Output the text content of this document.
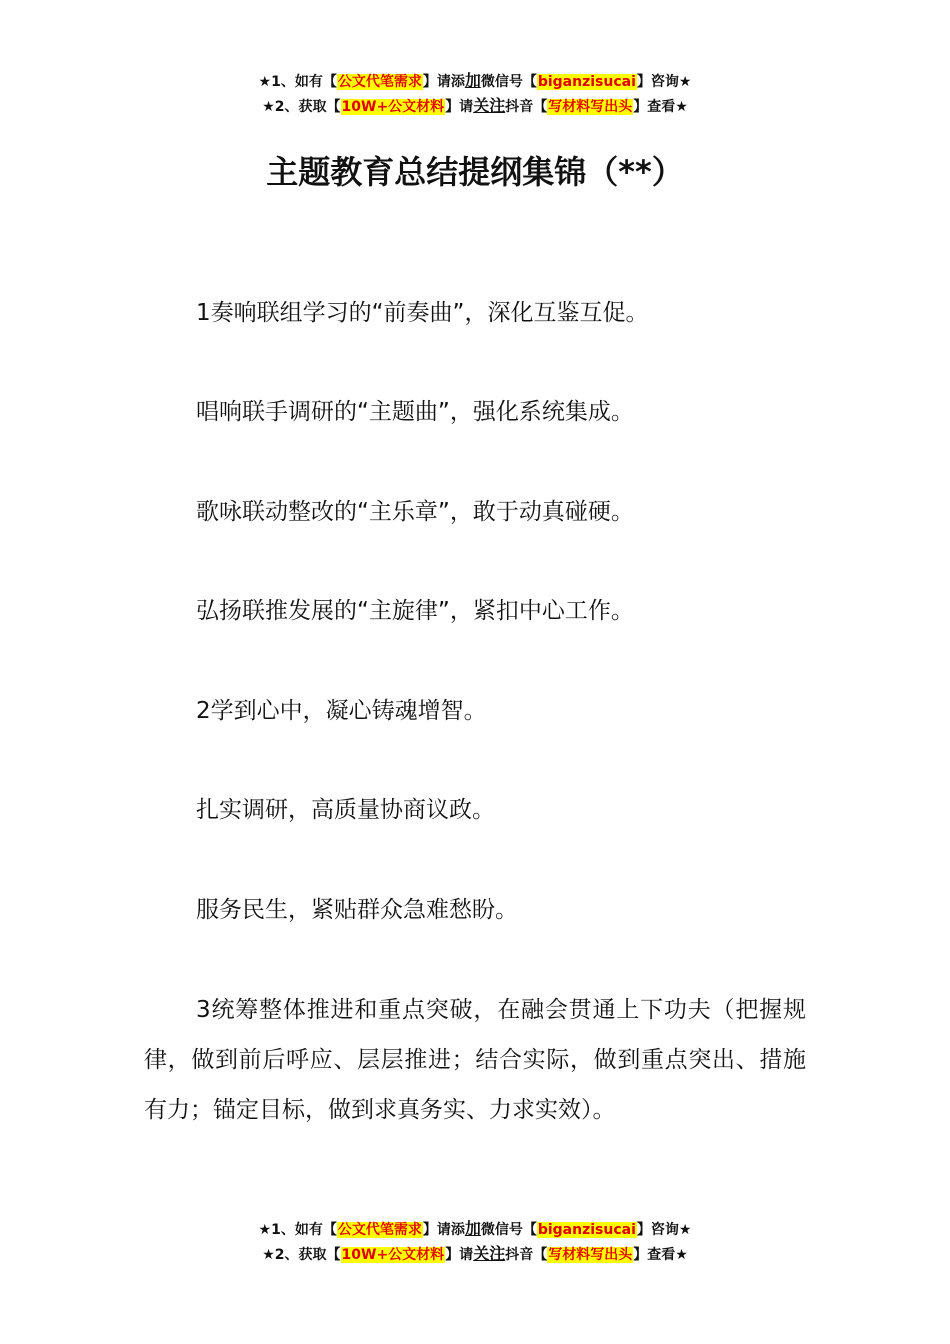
★1、如有【公文代笔需求】请添加微信号【biganzisucai】咨询★
★2、获取【10W+公文材料】请关注抖音【写材料写出头】查看★
主题教育总结提纲集锦（**）
1奏响联组学习的“前奏曲”，深化互鉴互促。
唱响联手调研的“主题曲”，强化系统集成。
歌咏联动整改的“主乐章”，敢于动真碰硬。
弘扬联推发展的“主旋律”，紧扣中心工作。
2学到心中，凝心铸魂增智。
扎实调研，高质量协商议政。
服务民生，紧贴群众急难愁盼。
3统筹整体推进和重点突破，在融会贯通上下功夫（把握规律，做到前后呼应、层层推进；结合实际，做到重点突出、措施有力；锚定目标，做到求真务实、力求实效）。
★1、如有【公文代笔需求】请添加微信号【biganzisucai】咨询★
★2、获取【10W+公文材料】请关注抖音【写材料写出头】查看★
